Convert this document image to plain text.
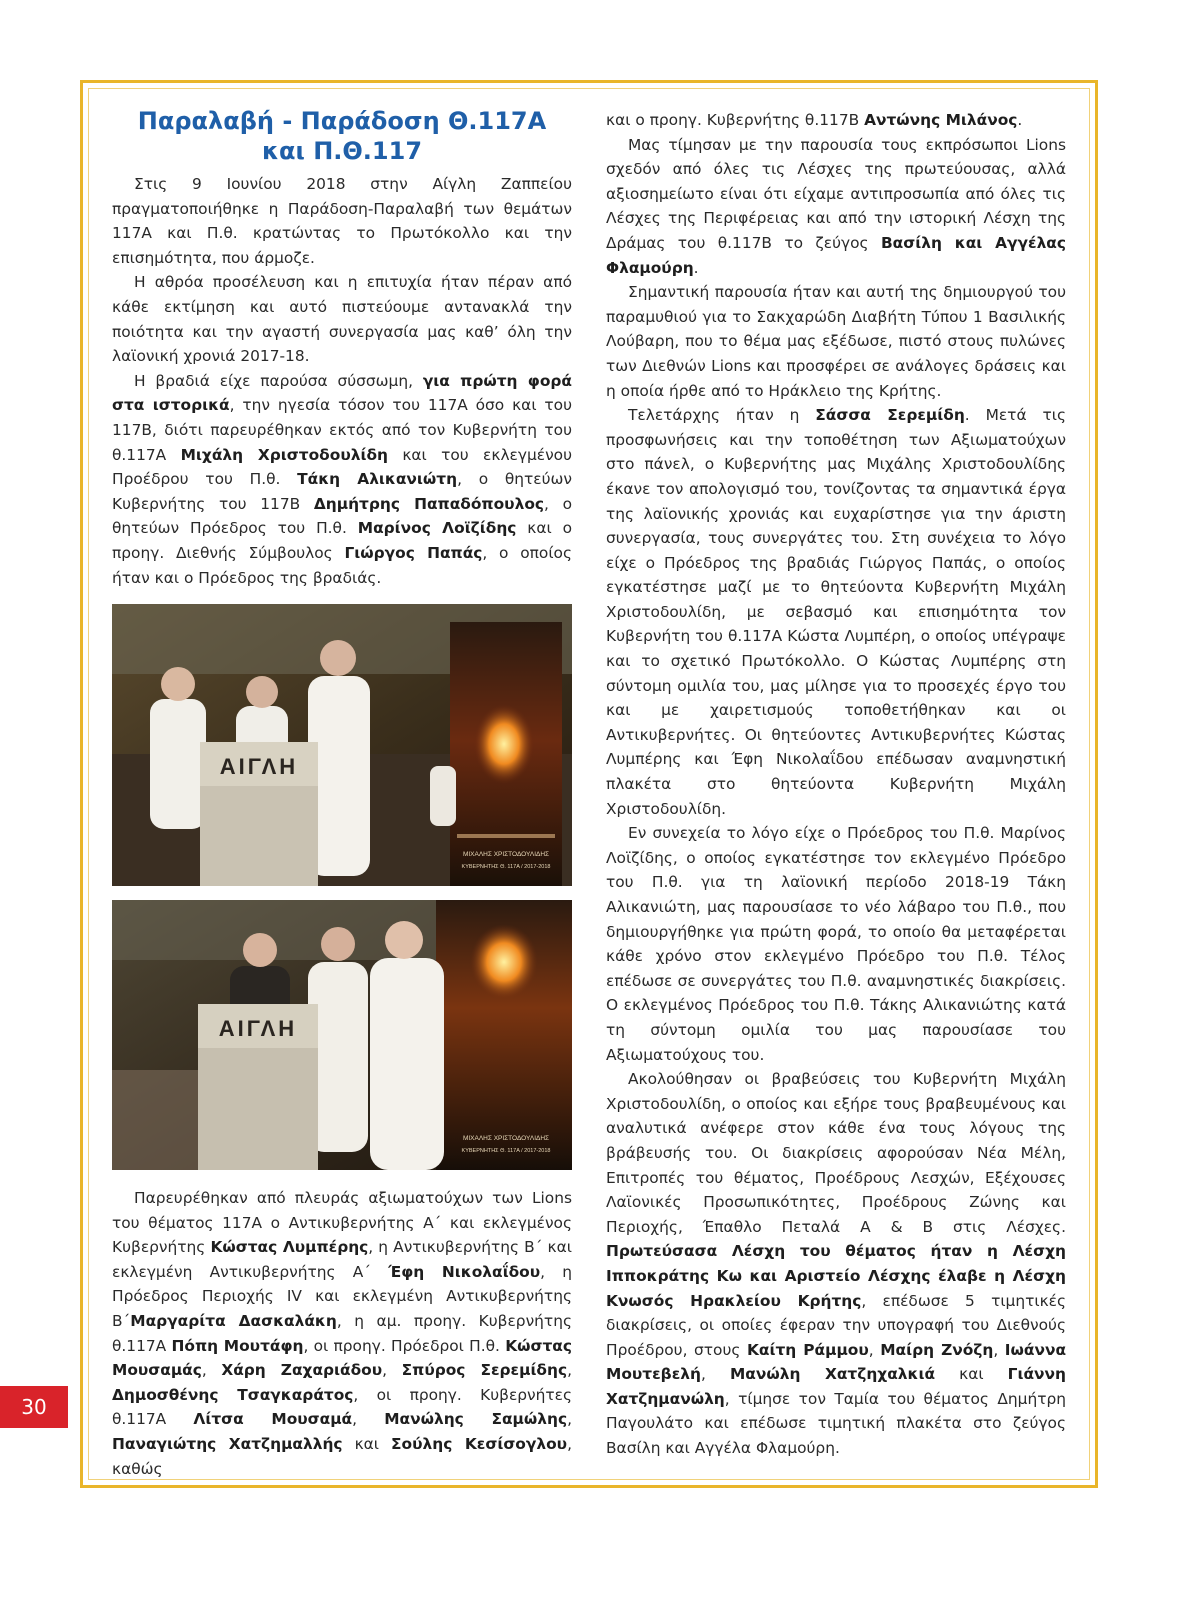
Παραλαβή - Παράδοση Θ.117Α
και Π.Θ.117

Στις 9 Ιουνίου 2018 στην Αίγλη Ζαππείου πραγματοποιήθηκε η Παράδοση-Παραλαβή των θεμάτων 117Α και Π.θ. κρατώντας το Πρωτόκολλο και την επισημότητα, που άρμοζε.

Η αθρόα προσέλευση και η επιτυχία ήταν πέραν από κάθε εκτίμηση και αυτό πιστεύουμε αντανακλά την ποιότητα και την αγαστή συνεργασία μας καθ’ όλη την λαϊονική χρονιά 2017-18.

Η βραδιά είχε παρούσα σύσσωμη, για πρώτη φορά στα ιστορικά, την ηγεσία τόσον του 117Α όσο και του 117Β, διότι παρευρέθηκαν εκτός από τον Κυβερνήτη του θ.117Α Μιχάλη Χριστοδουλίδη και του εκλεγμένου Προέδρου του Π.θ. Τάκη Αλικανιώτη, ο θητεύων Κυβερνήτης του 117Β Δημήτρης Παπαδόπουλος, ο θητεύων Πρόεδρος του Π.θ. Μαρίνος Λοϊζίδης και ο προηγ. Διεθνής Σύμβουλος Γιώργος Παπάς, ο οποίος ήταν και ο Πρόεδρος της βραδιάς.

ΜΙΧΑΛΗΣ ΧΡΙΣΤΟΔΟΥΛΙΔΗΣ
ΚΥΒΕΡΝΗΤΗΣ Θ. 117Α / 2017-2018
ΑΙΓΛΗ
ΜΙΧΑΛΗΣ ΧΡΙΣΤΟΔΟΥΛΙΔΗΣ
ΚΥΒΕΡΝΗΤΗΣ Θ. 117Α / 2017-2018
ΑΙΓΛΗ

Παρευρέθηκαν από πλευράς αξιωματούχων των Lions του θέματος 117Α ο Αντικυβερνήτης Α΄ και εκλεγμένος Κυβερνήτης Κώστας Λυμπέρης, η Αντικυβερνήτης Β΄ και εκλεγμένη Αντικυβερνήτης Α΄ Έφη Νικολαΐδου, η Πρόεδρος Περιοχής IV και εκλεγμένη Αντικυβερνήτης Β΄Μαργαρίτα Δασκαλάκη, η αμ. προηγ. Κυβερνήτης θ.117Α Πόπη Μουτάφη, οι προηγ. Πρόεδροι Π.θ. Κώστας Μουσαμάς, Χάρη Ζαχαριάδου, Σπύρος Σερεμίδης, Δημοσθένης Τσαγκαράτος, οι προηγ. Κυβερνήτες θ.117Α Λίτσα Μουσαμά, Μανώλης Σαμώλης, Παναγιώτης Χατζημαλλής και Σούλης Κεσίσογλου, καθώς

και ο προηγ. Κυβερνήτης θ.117Β Αντώνης Μιλάνος.

Μας τίμησαν με την παρουσία τους εκπρόσωποι Lions σχεδόν από όλες τις Λέσχες της πρωτεύουσας, αλλά αξιοσημείωτο είναι ότι είχαμε αντιπροσωπία από όλες τις Λέσχες της Περιφέρειας και από την ιστορική Λέσχη της Δράμας του θ.117Β το ζεύγος Βασίλη και Αγγέλας Φλαμούρη.

Σημαντική παρουσία ήταν και αυτή της δημιουργού του παραμυθιού για το Σακχαρώδη Διαβήτη Τύπου 1 Βασιλικής Λούβαρη, που το θέμα μας εξέδωσε, πιστό στους πυλώνες των Διεθνών Lions και προσφέρει σε ανάλογες δράσεις και η οποία ήρθε από το Ηράκλειο της Κρήτης.

Τελετάρχης ήταν η Σάσσα Σερεμίδη. Μετά τις προσφωνήσεις και την τοποθέτηση των Αξιωματούχων στο πάνελ, ο Κυβερνήτης μας Μιχάλης Χριστοδουλίδης έκανε τον απολογισμό του, τονίζοντας τα σημαντικά έργα της λαϊονικής χρονιάς και ευχαρίστησε για την άριστη συνεργασία, τους συνεργάτες του. Στη συνέχεια το λόγο είχε ο Πρόεδρος της βραδιάς Γιώργος Παπάς, ο οποίος εγκατέστησε μαζί με το θητεύοντα Κυβερνήτη Μιχάλη Χριστοδουλίδη, με σεβασμό και επισημότητα τον Κυβερνήτη του θ.117Α Κώστα Λυμπέρη, ο οποίος υπέγραψε και το σχετικό Πρωτόκολλο. Ο Κώστας Λυμπέρης στη σύντομη ομιλία του, μας μίλησε για το προσεχές έργο του και με χαιρετισμούς τοποθετήθηκαν και οι Αντικυβερνήτες. Οι θητεύοντες Αντικυβερνήτες Κώστας Λυμπέρης και Έφη Νικολαΐδου επέδωσαν αναμνηστική πλακέτα στο θητεύοντα Κυβερνήτη Μιχάλη Χριστοδουλίδη.

Εν συνεχεία το λόγο είχε ο Πρόεδρος του Π.θ. Μαρίνος Λοϊζίδης, ο οποίος εγκατέστησε τον εκλεγμένο Πρόεδρο του Π.θ. για τη λαϊονική περίοδο 2018-19 Τάκη Αλικανιώτη, μας παρουσίασε το νέο λάβαρο του Π.θ., που δημιουργήθηκε για πρώτη φορά, το οποίο θα μεταφέρεται κάθε χρόνο στον εκλεγμένο Πρόεδρο του Π.θ. Τέλος επέδωσε σε συνεργάτες του Π.θ. αναμνηστικές διακρίσεις. Ο εκλεγμένος Πρόεδρος του Π.θ. Τάκης Αλικανιώτης κατά τη σύντομη ομιλία του μας παρουσίασε του Αξιωματούχους του.

Ακολούθησαν οι βραβεύσεις του Κυβερνήτη Μιχάλη Χριστοδουλίδη, ο οποίος και εξήρε τους βραβευμένους και αναλυτικά ανέφερε στον κάθε ένα τους λόγους της βράβευσής του. Οι διακρίσεις αφορούσαν Νέα Μέλη, Επιτροπές του θέματος, Προέδρους Λεσχών, Εξέχουσες Λαϊονικές Προσωπικότητες, Προέδρους Ζώνης και Περιοχής, Έπαθλο Πεταλά Α & Β στις Λέσχες. Πρωτεύσασα Λέσχη του θέματος ήταν η Λέσχη Ιπποκράτης Κω και Αριστείο Λέσχης έλαβε η Λέσχη Κνωσός Ηρακλείου Κρήτης, επέδωσε 5 τιμητικές διακρίσεις, οι οποίες έφεραν την υπογραφή του Διεθνούς Προέδρου, στους Καίτη Ράμμου, Μαίρη Ζνόζη, Ιωάννα Μουτεβελή, Μανώλη Χατζηχαλκιά και Γιάννη Χατζημανώλη, τίμησε τον Ταμία του θέματος Δημήτρη Παγουλάτο και επέδωσε τιμητική πλακέτα στο ζεύγος Βασίλη και Αγγέλα Φλαμούρη.

30
